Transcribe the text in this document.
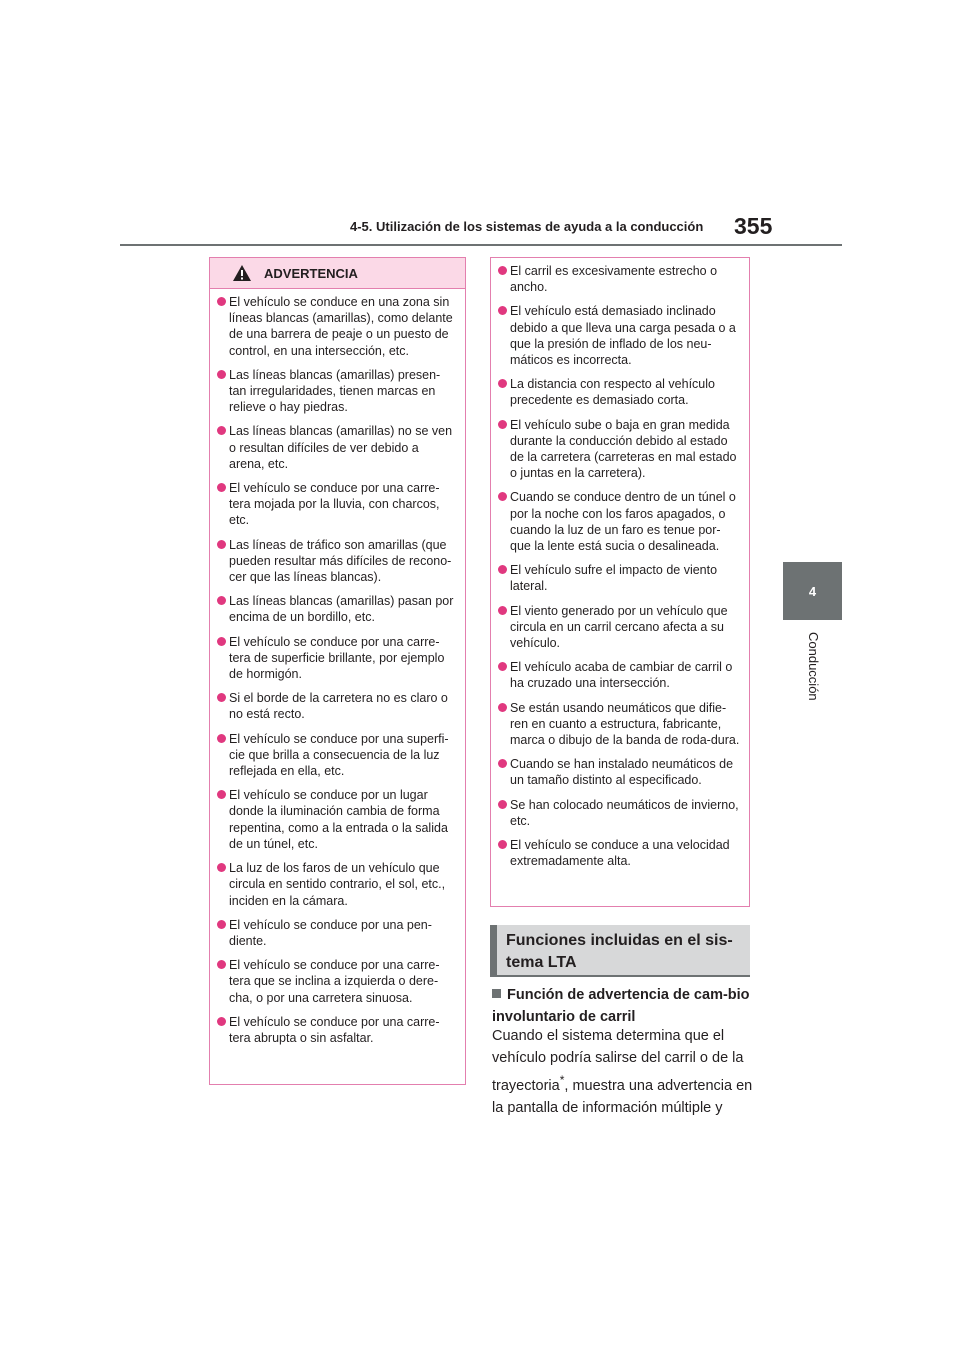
4-5. Utilización de los sistemas de ayuda a la conducción 355
4
Conducción
ADVERTENCIA
El vehículo se conduce en una zona sin líneas blancas (amarillas), como delante de una barrera de peaje o un puesto de control, en una intersección, etc.
Las líneas blancas (amarillas) presen-tan irregularidades, tienen marcas en relieve o hay piedras.
Las líneas blancas (amarillas) no se ven o resultan difíciles de ver debido a arena, etc.
El vehículo se conduce por una carre-tera mojada por la lluvia, con charcos, etc.
Las líneas de tráfico son amarillas (que pueden resultar más difíciles de recono-cer que las líneas blancas).
Las líneas blancas (amarillas) pasan por encima de un bordillo, etc.
El vehículo se conduce por una carre-tera de superficie brillante, por ejemplo de hormigón.
Si el borde de la carretera no es claro o no está recto.
El vehículo se conduce por una superfi-cie que brilla a consecuencia de la luz reflejada en ella, etc.
El vehículo se conduce por un lugar donde la iluminación cambia de forma repentina, como a la entrada o la salida de un túnel, etc.
La luz de los faros de un vehículo que circula en sentido contrario, el sol, etc., inciden en la cámara.
El vehículo se conduce por una pen-diente.
El vehículo se conduce por una carre-tera que se inclina a izquierda o dere-cha, o por una carretera sinuosa.
El vehículo se conduce por una carre-tera abrupta o sin asfaltar.
El carril es excesivamente estrecho o ancho.
El vehículo está demasiado inclinado debido a que lleva una carga pesada o a que la presión de inflado de los neu-máticos es incorrecta.
La distancia con respecto al vehículo precedente es demasiado corta.
El vehículo sube o baja en gran medida durante la conducción debido al estado de la carretera (carreteras en mal estado o juntas en la carretera).
Cuando se conduce dentro de un túnel o por la noche con los faros apagados, o cuando la luz de un faro es tenue por-que la lente está sucia o desalineada.
El vehículo sufre el impacto de viento lateral.
El viento generado por un vehículo que circula en un carril cercano afecta a su vehículo.
El vehículo acaba de cambiar de carril o ha cruzado una intersección.
Se están usando neumáticos que difie-ren en cuanto a estructura, fabricante, marca o dibujo de la banda de roda-dura.
Cuando se han instalado neumáticos de un tamaño distinto al especificado.
Se han colocado neumáticos de invierno, etc.
El vehículo se conduce a una velocidad extremadamente alta.
Funciones incluidas en el sis-tema LTA
Función de advertencia de cam-bio involuntario de carril
Cuando el sistema determina que el vehículo podría salirse del carril o de la trayectoria*, muestra una advertencia en la pantalla de información múltiple y
